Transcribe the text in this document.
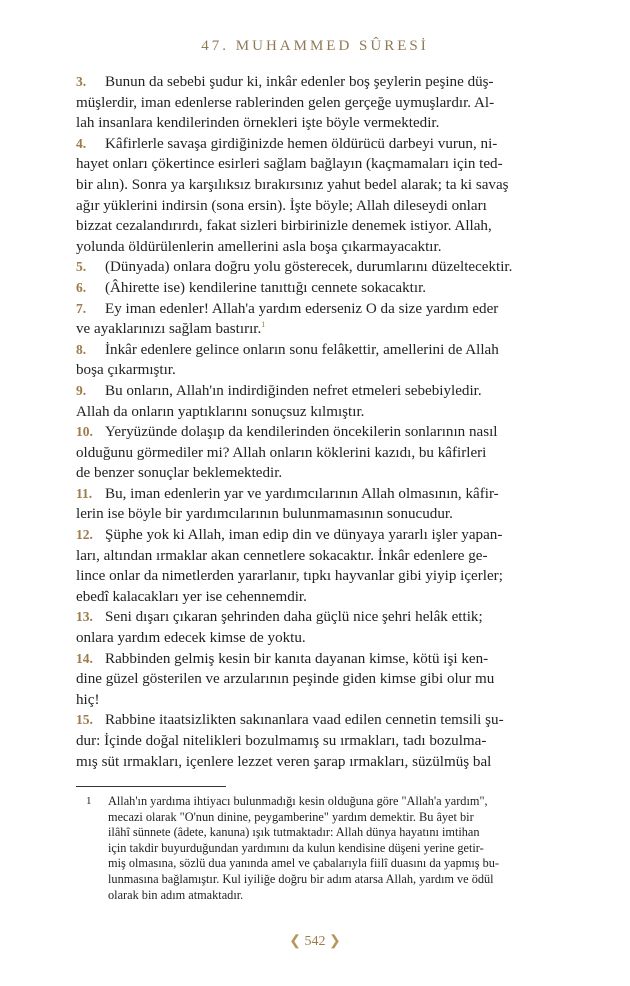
47. MUHAMMED SÛRESİ
3. Bunun da sebebi şudur ki, inkâr edenler boş şeylerin peşine düş-
müşlerdir, iman edenlerse rablerinden gelen gerçeğe uymuşlardır. Al-
lah insanlara kendilerinden örnekleri işte böyle vermektedir.
4. Kâfirlerle savaşa girdiğinizde hemen öldürücü darbeyi vurun, ni-
hayet onları çökertince esirleri sağlam bağlayın (kaçmamaları için ted-
bir alın). Sonra ya karşılıksız bırakırsınız yahut bedel alarak; ta ki savaş
ağır yüklerini indirsin (sona ersin). İşte böyle; Allah dileseydi onları
bizzat cezalandırırdı, fakat sizleri birbirinizle denemek istiyor. Allah,
yolunda öldürülenlerin amellerini asla boşa çıkarmayacaktır.
5. (Dünyada) onlara doğru yolu gösterecek, durumlarını düzeltecektir.
6. (Âhirette ise) kendilerine tanıttığı cennete sokacaktır.
7. Ey iman edenler! Allah'a yardım ederseniz O da size yardım eder
ve ayaklarınızı sağlam bastırır.$^1$
8. İnkâr edenlere gelince onların sonu felâkettir, amellerini de Allah
boşa çıkarmıştır.
9. Bu onların, Allah'ın indirdiğinden nefret etmeleri sebebiyledir.
Allah da onların yaptıklarını sonuçsuz kılmıştır.
10. Yeryüzünde dolaşıp da kendilerinden öncekilerin sonlarının nasıl
olduğunu görmediler mi? Allah onların köklerini kazıdı, bu kâfirleri
de benzer sonuçlar beklemektedir.
11. Bu, iman edenlerin yar ve yardımcılarının Allah olmasının, kâfir-
lerin ise böyle bir yardımcılarının bulunmamasının sonucudur.
12. Şüphe yok ki Allah, iman edip din ve dünyaya yararlı işler yapan-
ları, altından ırmaklar akan cennetlere sokacaktır. İnkâr edenlere ge-
lince onlar da nimetlerden yararlanır, tıpkı hayvanlar gibi yiyip içerler;
ebedî kalacakları yer ise cehennemdir.
13. Seni dışarı çıkaran şehrinden daha güçlü nice şehri helâk ettik;
onlara yardım edecek kimse de yoktu.
14. Rabbinden gelmiş kesin bir kanıta dayanan kimse, kötü işi ken-
dine güzel gösterilen ve arzularının peşinde giden kimse gibi olur mu
hiç!
15. Rabbine itaatsizlikten sakınanlara vaad edilen cennetin temsili şu-
dur: İçinde doğal nitelikleri bozulmamış su ırmakları, tadı bozulma-
mış süt ırmakları, içenlere lezzet veren şarap ırmakları, süzülmüş bal
1 Allah'ın yardıma ihtiyacı bulunmadığı kesin olduğuna göre "Allah'a yardım",
mecazi olarak "O'nun dinine, peygamberine" yardım demektir. Bu âyet bir
ilâhî sünnete (âdete, kanuna) ışık tutmaktadır: Allah dünya hayatını imtihan
için takdir buyurduğundan yardımını da kulun kendisine düşeni yerine getir-
miş olmasına, sözlü dua yanında amel ve çabalarıyla fiilî duasını da yapmış bu-
lunmasına bağlamıştır. Kul iyiliğe doğru bir adım atarsa Allah, yardım ve ödül
olarak bin adım atmaktadır.
❮ 542 ❯
